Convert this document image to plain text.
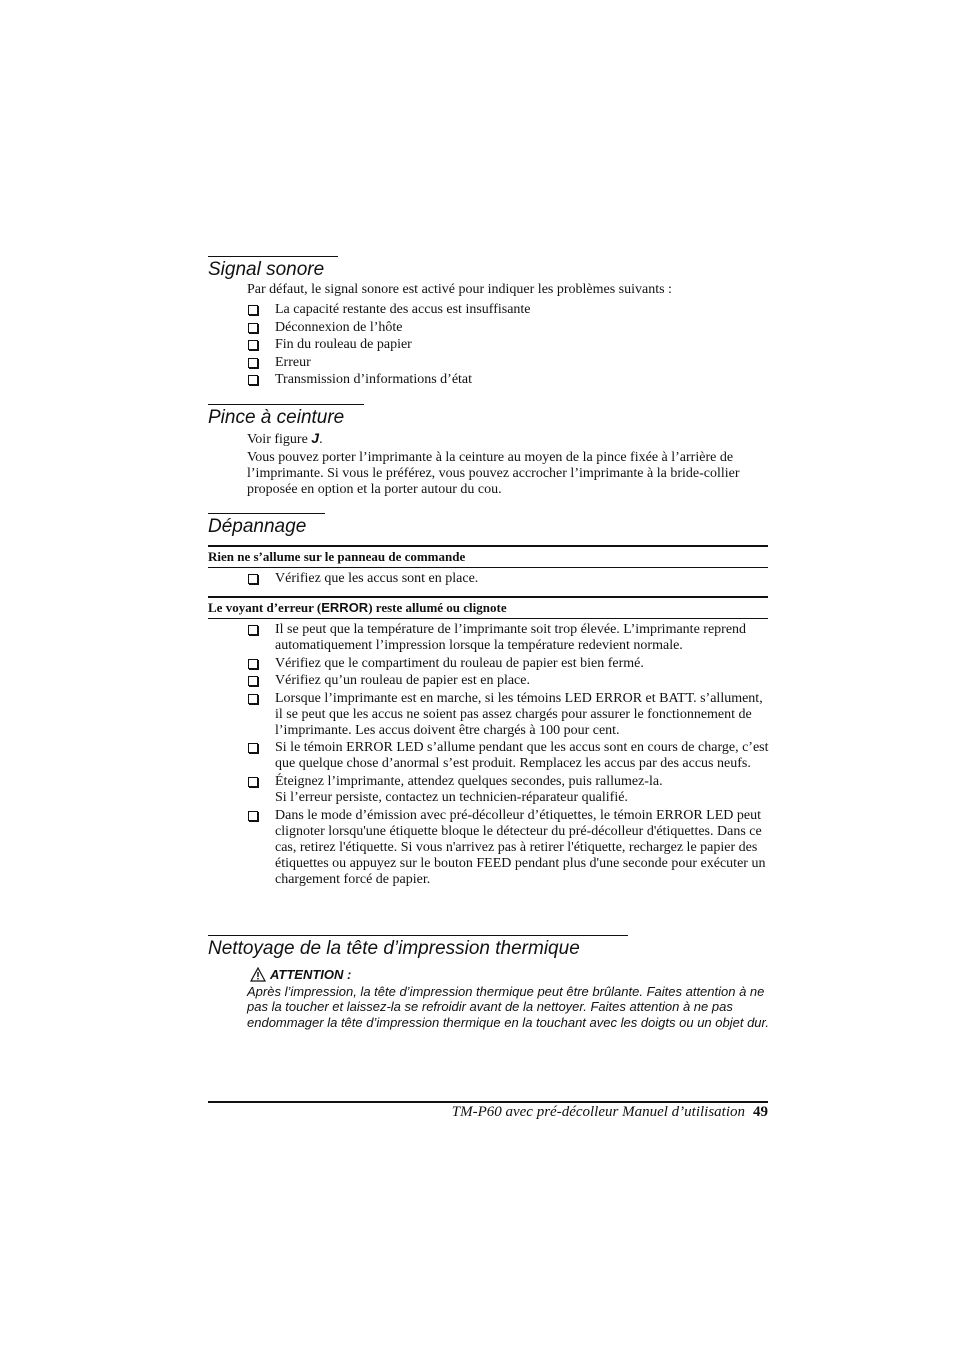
Signal sonore
Par défaut, le signal sonore est activé pour indiquer les problèmes suivants :
La capacité restante des accus est insuffisante
Déconnexion de l’hôte
Fin du rouleau de papier
Erreur
Transmission d’informations d’état
Pince à ceinture
Voir figure J.
Vous pouvez porter l’imprimante à la ceinture au moyen de la pince fixée à l’arrière de l’imprimante. Si vous le préférez, vous pouvez accrocher l’imprimante à la bride-collier proposée en option et la porter autour du cou.
Dépannage
Rien ne s’allume sur le panneau de commande
Vérifiez que les accus sont en place.
Le voyant d’erreur (ERROR) reste allumé ou clignote
Il se peut que la température de l’imprimante soit trop élevée. L’imprimante reprend automatiquement l’impression lorsque la température redevient normale.
Vérifiez que le compartiment du rouleau de papier est bien fermé.
Vérifiez qu’un rouleau de papier est en place.
Lorsque l’imprimante est en marche, si les témoins LED ERROR et BATT. s’allument, il se peut que les accus ne soient pas assez chargés pour assurer le fonctionnement de l’imprimante. Les accus doivent être chargés à 100 pour cent.
Si le témoin ERROR LED s’allume pendant que les accus sont en cours de charge, c’est que quelque chose d’anormal s’est produit. Remplacez les accus par des accus neufs.
Éteignez l’imprimante, attendez quelques secondes, puis rallumez-la.
Si l’erreur persiste, contactez un technicien-réparateur qualifié.
Dans le mode d’émission avec pré-décolleur d’étiquettes, le témoin ERROR LED peut clignoter lorsqu'une étiquette bloque le détecteur du pré-décolleur d'étiquettes. Dans ce cas, retirez l'étiquette. Si vous n'arrivez pas à retirer l'étiquette, rechargez le papier des étiquettes ou appuyez sur le bouton FEED pendant plus d'une seconde pour exécuter un chargement forcé de papier.
Nettoyage de la tête d’impression thermique
ATTENTION :
Après l’impression, la tête d’impression thermique peut être brûlante. Faites attention à ne pas la toucher et laissez-la se refroidir avant de la nettoyer. Faites attention à ne pas endommager la tête d’impression thermique en la touchant avec les doigts ou un objet dur.
TM-P60 avec pré-décolleur Manuel d’utilisation 49
